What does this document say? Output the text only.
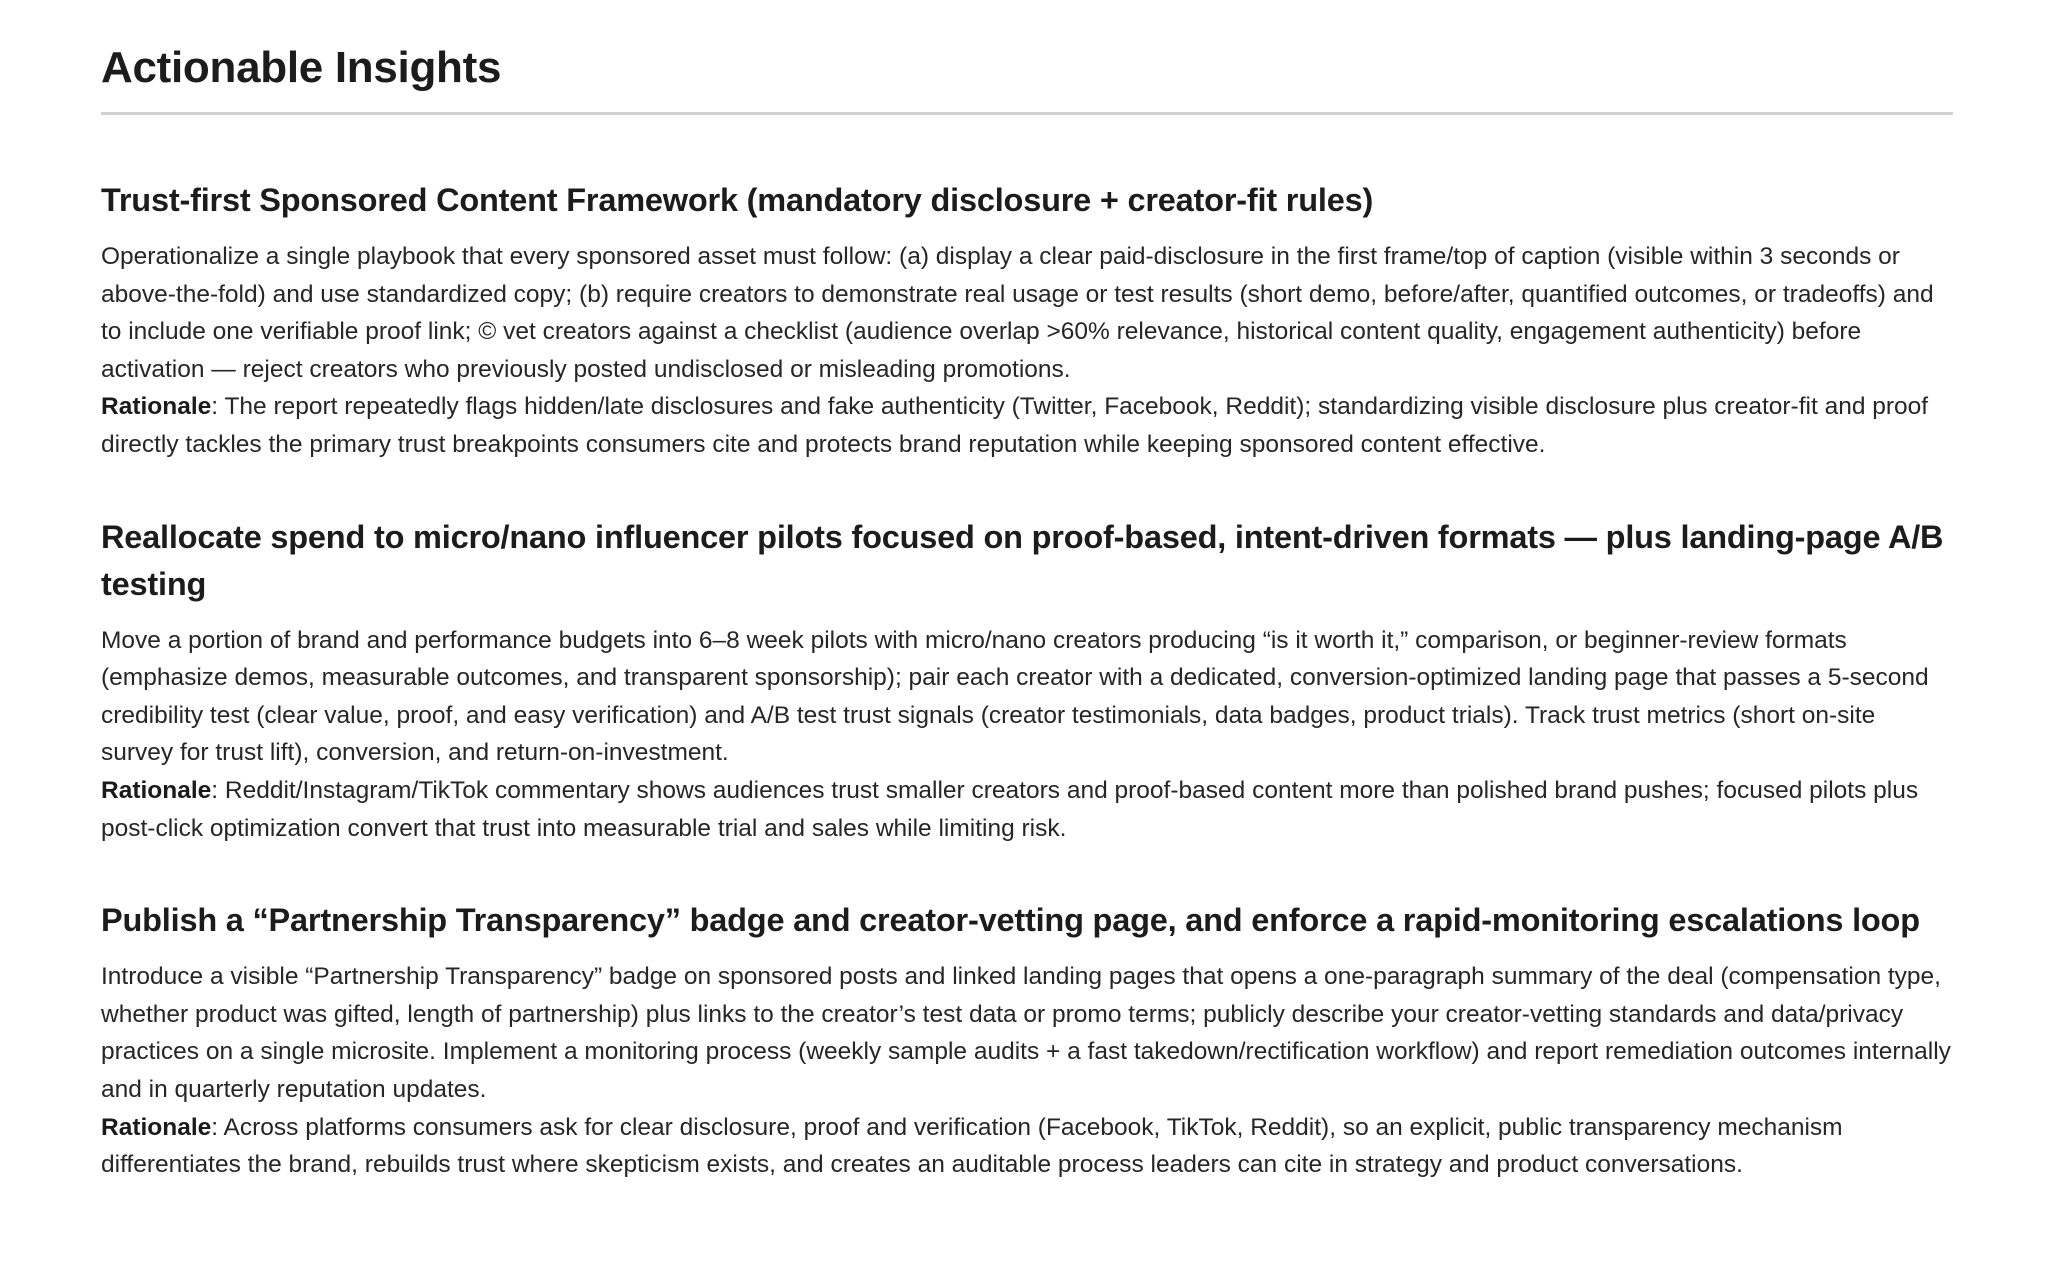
Actionable Insights
Trust-first Sponsored Content Framework (mandatory disclosure + creator-fit rules)

Operationalize a single playbook that every sponsored asset must follow: (a) display a clear paid-disclosure in the first frame/top of caption (visible within 3 seconds or above-the-fold) and use standardized copy; (b) require creators to demonstrate real usage or test results (short demo, before/after, quantified outcomes, or tradeoffs) and to include one verifiable proof link; © vet creators against a checklist (audience overlap >60% relevance, historical content quality, engagement authenticity) before activation — reject creators who previously posted undisclosed or misleading promotions.

Rationale: The report repeatedly flags hidden/late disclosures and fake authenticity (Twitter, Facebook, Reddit); standardizing visible disclosure plus creator-fit and proof directly tackles the primary trust breakpoints consumers cite and protects brand reputation while keeping sponsored content effective.

Reallocate spend to micro/nano influencer pilots focused on proof-based, intent-driven formats — plus landing-page A/B testing

Move a portion of brand and performance budgets into 6–8 week pilots with micro/nano creators producing “is it worth it,” comparison, or beginner-review formats (emphasize demos, measurable outcomes, and transparent sponsorship); pair each creator with a dedicated, conversion-optimized landing page that passes a 5-second credibility test (clear value, proof, and easy verification) and A/B test trust signals (creator testimonials, data badges, product trials). Track trust metrics (short on-site survey for trust lift), conversion, and return-on-investment.

Rationale: Reddit/Instagram/TikTok commentary shows audiences trust smaller creators and proof-based content more than polished brand pushes; focused pilots plus post-click optimization convert that trust into measurable trial and sales while limiting risk.

Publish a “Partnership Transparency” badge and creator-vetting page, and enforce a rapid-monitoring escalations loop

Introduce a visible “Partnership Transparency” badge on sponsored posts and linked landing pages that opens a one-paragraph summary of the deal (compensation type, whether product was gifted, length of partnership) plus links to the creator’s test data or promo terms; publicly describe your creator-vetting standards and data/privacy practices on a single microsite. Implement a monitoring process (weekly sample audits + a fast takedown/rectification workflow) and report remediation outcomes internally and in quarterly reputation updates.

Rationale: Across platforms consumers ask for clear disclosure, proof and verification (Facebook, TikTok, Reddit), so an explicit, public transparency mechanism differentiates the brand, rebuilds trust where skepticism exists, and creates an auditable process leaders can cite in strategy and product conversations.
